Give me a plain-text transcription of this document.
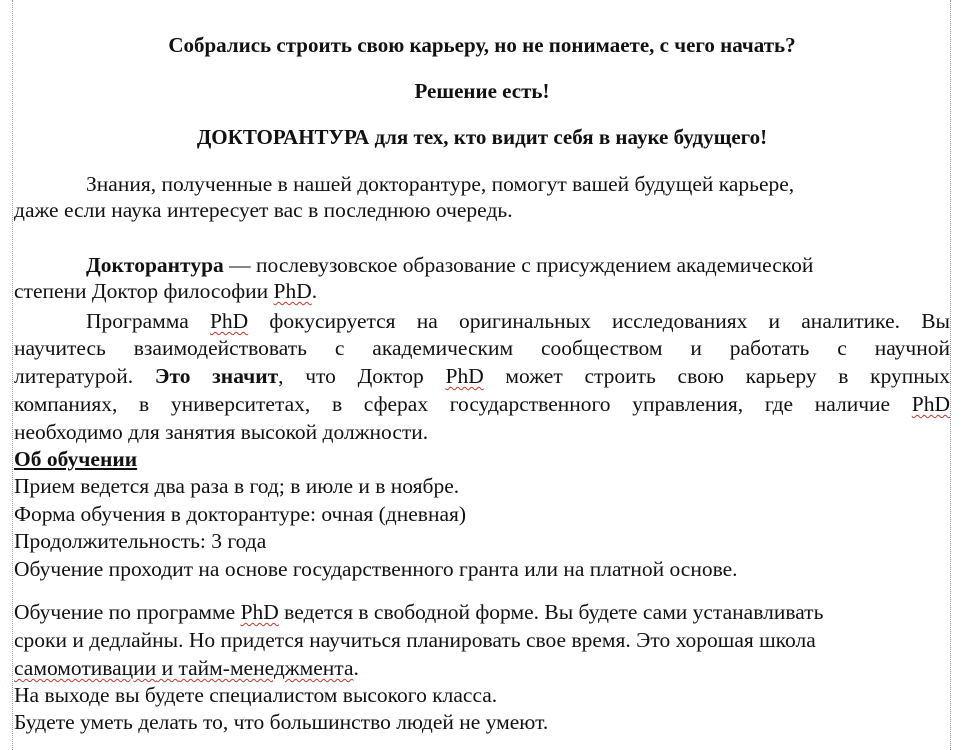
Собрались строить свою карьеру, но не понимаете, с чего начать?
Решение есть!
ДОКТОРАНТУРА для тех, кто видит себя в науке будущего!
Знания, полученные в нашей докторантуре, помогут вашей будущей карьере,
даже если наука интересует вас в последнюю очередь.
Докторантура — послевузовское образование с присуждением академической
степени Доктор философии PhD.
Программа PhD фокусируется на оригинальных исследованиях и аналитике. Вы
научитесь взаимодействовать с академическим сообществом и работать с научной
литературой. Это значит, что Доктор PhD может строить свою карьеру в крупных
компаниях, в университетах, в сферах государственного управления, где наличие PhD
необходимо для занятия высокой должности.
Об обучении
Прием ведется два раза в год; в июле и в ноябре.
Форма обучения в докторантуре: очная (дневная)
Продолжительность: 3 года
Обучение проходит на основе государственного гранта или на платной основе.
Обучение по программе PhD ведется в свободной форме. Вы будете сами устанавливать
сроки и дедлайны. Но придется научиться планировать свое время. Это хорошая школа
самомотивации и тайм-менеджмента.
На выходе вы будете специалистом высокого класса.
Будете уметь делать то, что большинство людей не умеют.
